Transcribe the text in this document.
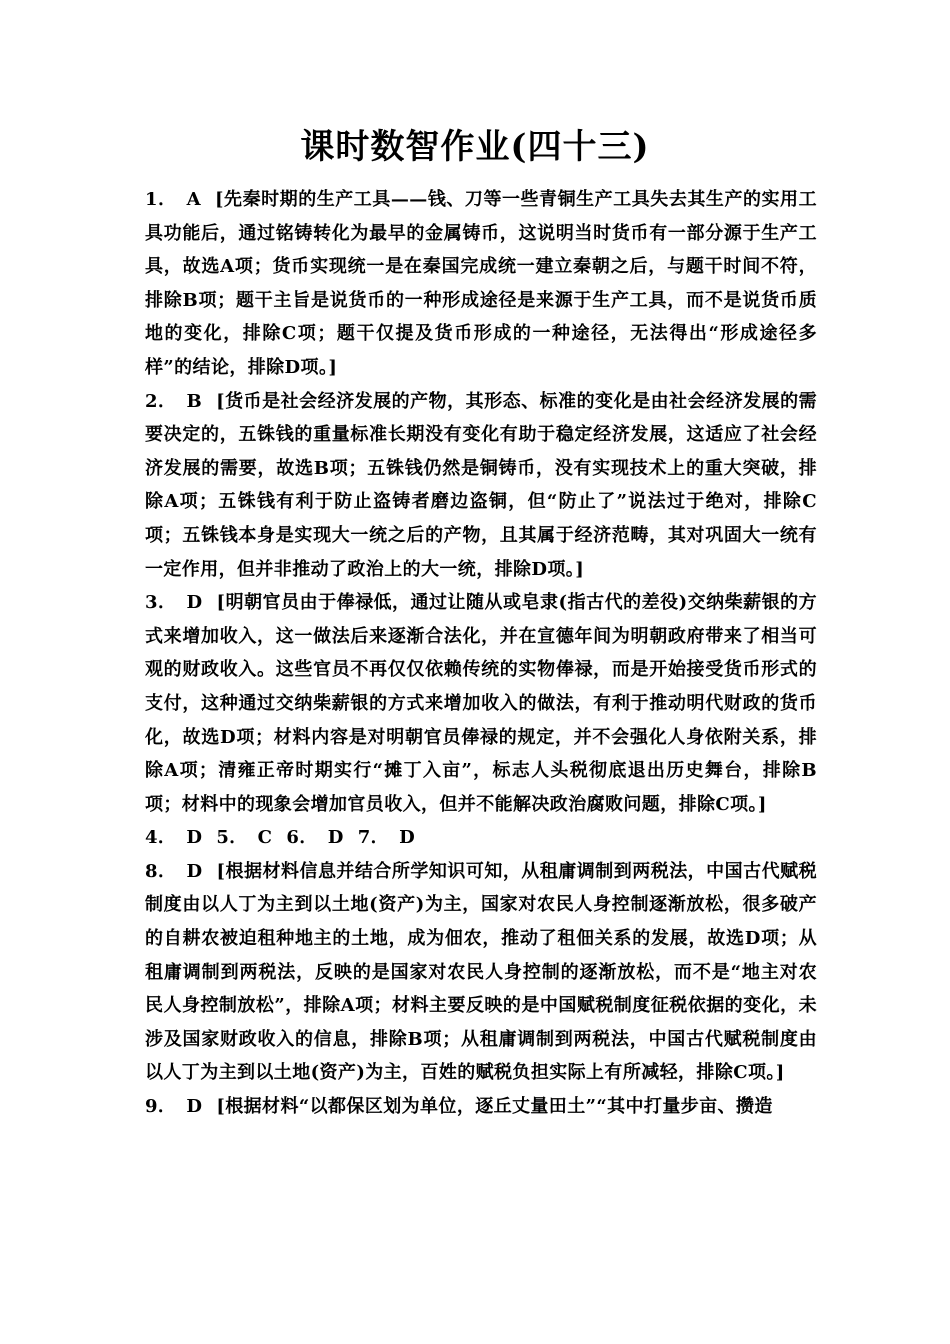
课时数智作业(四十三)

1． A [先秦时期的生产工具——钱、刀等一些青铜生产工具失去其生产的实用工具功能后，通过铭铸转化为最早的金属铸币，这说明当时货币有一部分源于生产工具，故选A项；货币实现统一是在秦国完成统一建立秦朝之后，与题干时间不符，排除B项；题干主旨是说货币的一种形成途径是来源于生产工具，而不是说货币质地的变化，排除C项；题干仅提及货币形成的一种途径，无法得出“形成途径多样”的结论，排除D项。]

2． B [货币是社会经济发展的产物，其形态、标准的变化是由社会经济发展的需要决定的，五铢钱的重量标准长期没有变化有助于稳定经济发展，这适应了社会经济发展的需要，故选B项；五铢钱仍然是铜铸币，没有实现技术上的重大突破，排除A项；五铢钱有利于防止盗铸者磨边盗铜，但“防止了”说法过于绝对，排除C项；五铢钱本身是实现大一统之后的产物，且其属于经济范畴，其对巩固大一统有一定作用，但并非推动了政治上的大一统，排除D项。]

3． D [明朝官员由于俸禄低，通过让随从或皂隶(指古代的差役)交纳柴薪银的方式来增加收入，这一做法后来逐渐合法化，并在宣德年间为明朝政府带来了相当可观的财政收入。这些官员不再仅仅依赖传统的实物俸禄，而是开始接受货币形式的支付，这种通过交纳柴薪银的方式来增加收入的做法，有利于推动明代财政的货币化，故选D项；材料内容是对明朝官员俸禄的规定，并不会强化人身依附关系，排除A项；清雍正帝时期实行“摊丁入亩”，标志人头税彻底退出历史舞台，排除B项；材料中的现象会增加官员收入，但并不能解决政治腐败问题，排除C项。]

4． D 5． C 6． D 7． D

8． D [根据材料信息并结合所学知识可知，从租庸调制到两税法，中国古代赋税制度由以人丁为主到以土地(资产)为主，国家对农民人身控制逐渐放松，很多破产的自耕农被迫租种地主的土地，成为佃农，推动了租佃关系的发展，故选D项；从租庸调制到两税法，反映的是国家对农民人身控制的逐渐放松，而不是“地主对农民人身控制放松”，排除A项；材料主要反映的是中国赋税制度征税依据的变化，未涉及国家财政收入的信息，排除B项；从租庸调制到两税法，中国古代赋税制度由以人丁为主到以土地(资产)为主，百姓的赋税负担实际上有所减轻，排除C项。]

9． D [根据材料“以都保区划为单位，逐丘丈量田土”“其中打量步亩、攒造
